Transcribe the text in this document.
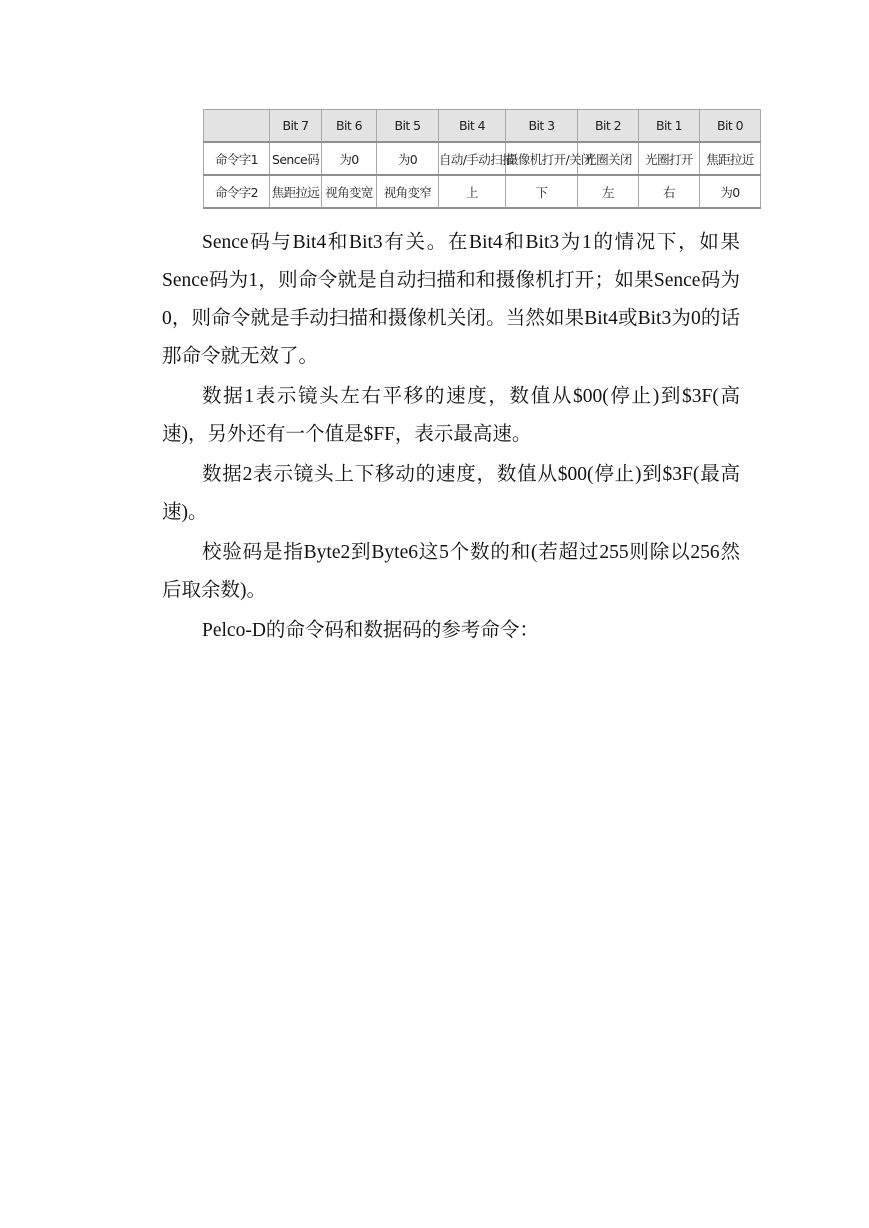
	Bit 7	Bit 6	Bit 5	Bit 4	Bit 3	Bit 2	Bit 1	Bit 0
命令字1	Sence码	为0	为0	自动/手动扫描	摄像机打开/关闭	光圈关闭	光圈打开	焦距拉近
命令字2	焦距拉远	视角变宽	视角变窄	上	下	左	右	为0

Sence码与Bit4和Bit3有关。在Bit4和Bit3为1的情况下，如果Sence码为1，则命令就是自动扫描和和摄像机打开；如果Sence码为0，则命令就是手动扫描和摄像机关闭。当然如果Bit4或Bit3为0的话那命令就无效了。

数据1表示镜头左右平移的速度，数值从$00(停止)到$3F(高速)，另外还有一个值是$FF，表示最高速。

数据2表示镜头上下移动的速度，数值从$00(停止)到$3F(最高速)。

校验码是指Byte2到Byte6这5个数的和(若超过255则除以256然后取余数)。

Pelco-D的命令码和数据码的参考命令：
